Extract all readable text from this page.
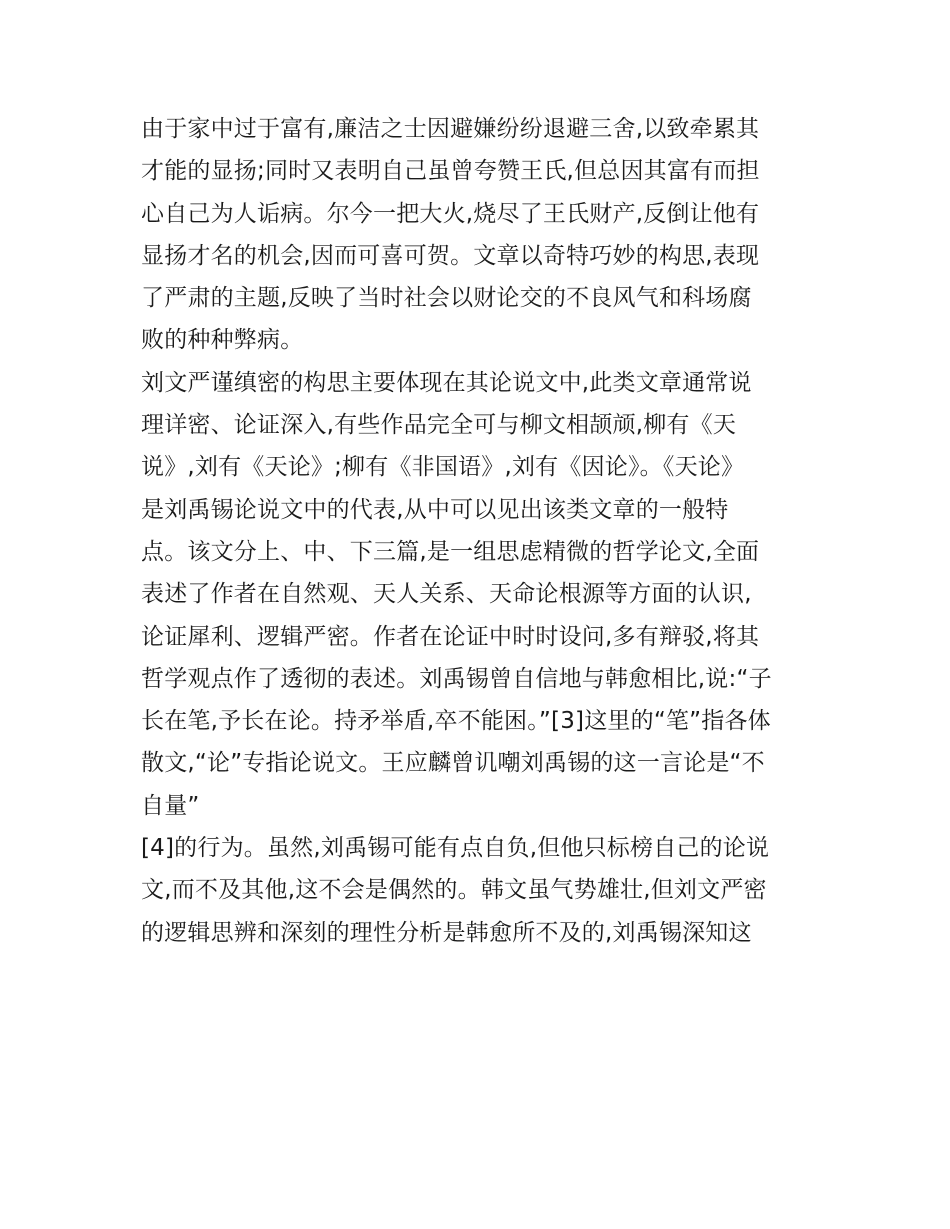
由于家中过于富有,廉洁之士因避嫌纷纷退避三舍,以致牵累其
才能的显扬;同时又表明自己虽曾夸赞王氏,但总因其富有而担
心自己为人诟病。尔今一把大火,烧尽了王氏财产,反倒让他有
显扬才名的机会,因而可喜可贺。文章以奇特巧妙的构思,表现
了严肃的主题,反映了当时社会以财论交的不良风气和科场腐
败的种种弊病。
刘文严谨缜密的构思主要体现在其论说文中,此类文章通常说
理详密、论证深入,有些作品完全可与柳文相颉颃,柳有《天
说》,刘有《天论》;柳有《非国语》,刘有《因论》。《天论》
是刘禹锡论说文中的代表,从中可以见出该类文章的一般特
点。该文分上、中、下三篇,是一组思虑精微的哲学论文,全面
表述了作者在自然观、天人关系、天命论根源等方面的认识,
论证犀利、逻辑严密。作者在论证中时时设问,多有辩驳,将其
哲学观点作了透彻的表述。刘禹锡曾自信地与韩愈相比,说:“子
长在笔,予长在论。持矛举盾,卒不能困。”[3]这里的“笔”指各体
散文,“论”专指论说文。王应麟曾讥嘲刘禹锡的这一言论是“不
自量”
[4]的行为。虽然,刘禹锡可能有点自负,但他只标榜自己的论说
文,而不及其他,这不会是偶然的。韩文虽气势雄壮,但刘文严密
的逻辑思辨和深刻的理性分析是韩愈所不及的,刘禹锡深知这
